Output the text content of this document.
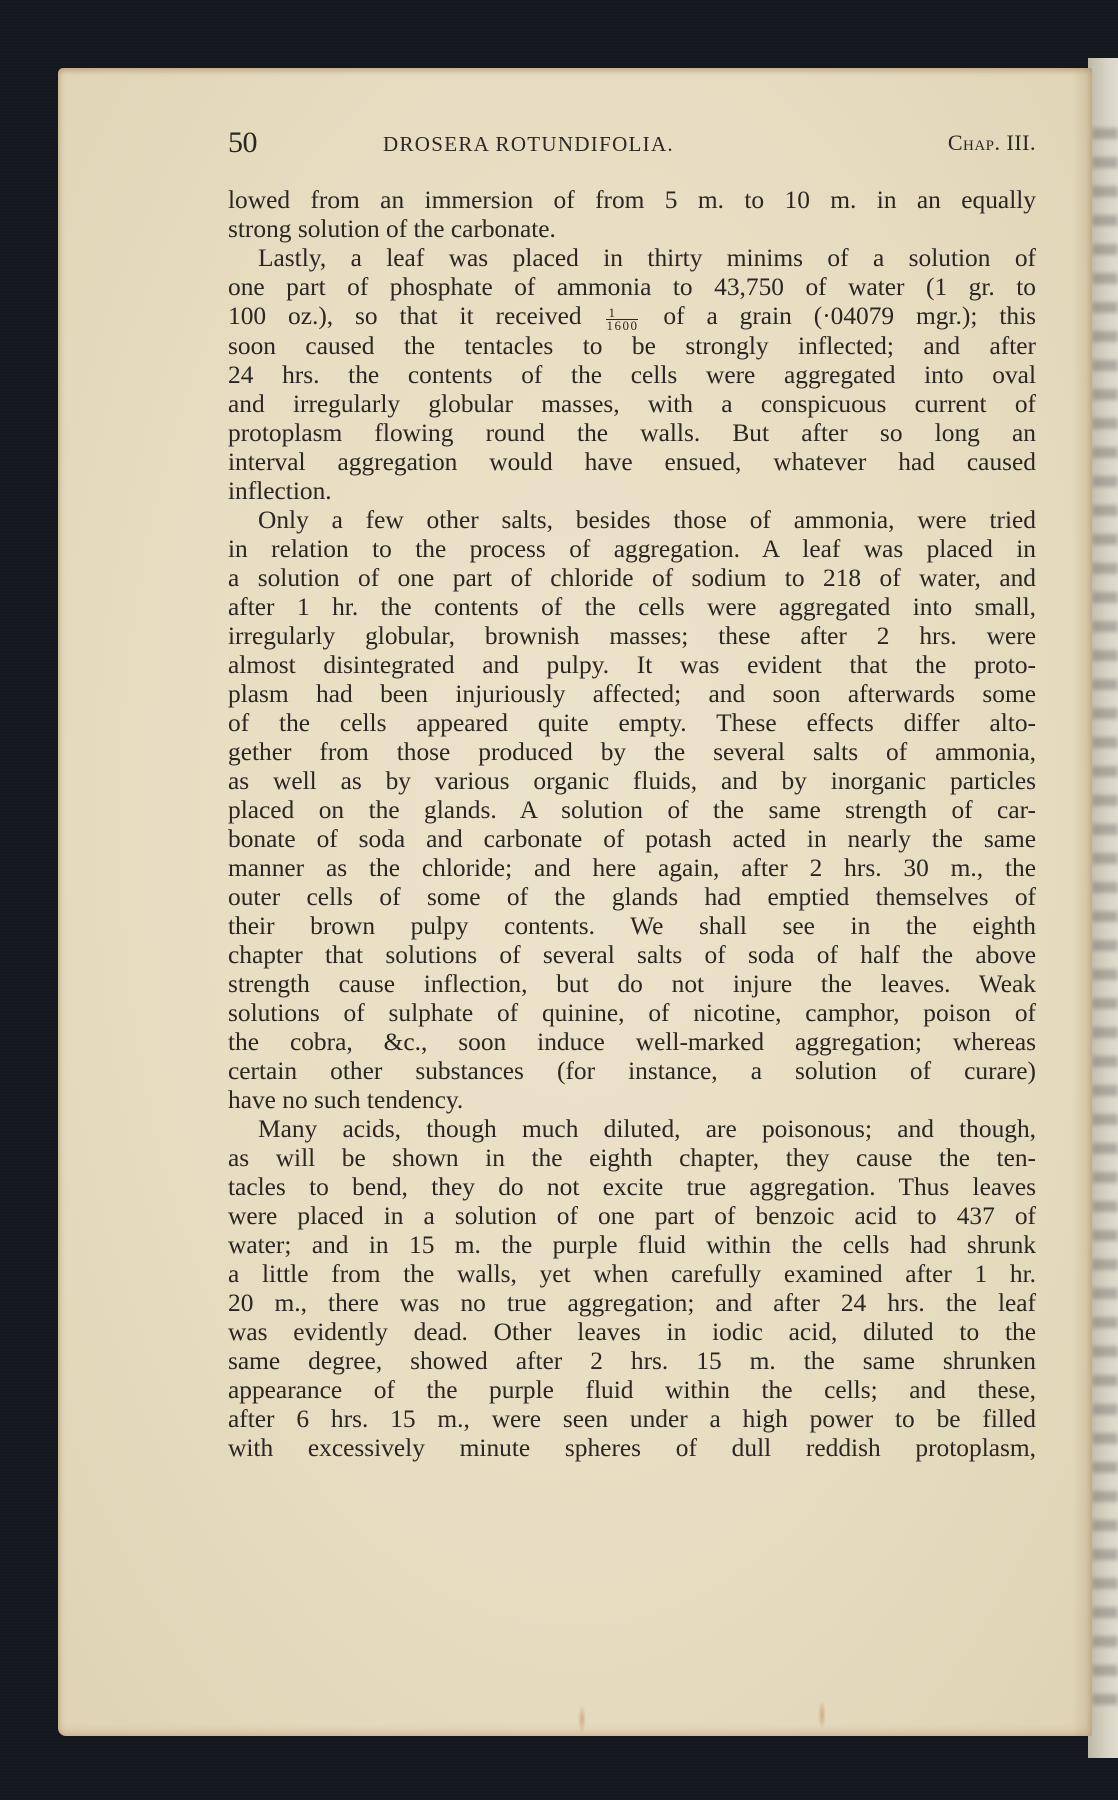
50	DROSERA ROTUNDIFOLIA.	Chap. III.
lowed from an immersion of from 5 m. to 10 m. in an equally
strong solution of the carbonate.
Lastly, a leaf was placed in thirty minims of a solution of
one part of phosphate of ammonia to 43,750 of water (1 gr. to
100 oz.), so that it received $\frac{1}{1600}$ of a grain (·04079 mgr.); this
soon caused the tentacles to be strongly inflected; and after
24 hrs. the contents of the cells were aggregated into oval
and irregularly globular masses, with a conspicuous current of
protoplasm flowing round the walls. But after so long an
interval aggregation would have ensued, whatever had caused
inflection.
Only a few other salts, besides those of ammonia, were tried
in relation to the process of aggregation. A leaf was placed in
a solution of one part of chloride of sodium to 218 of water, and
after 1 hr. the contents of the cells were aggregated into small,
irregularly globular, brownish masses; these after 2 hrs. were
almost disintegrated and pulpy. It was evident that the proto-
plasm had been injuriously affected; and soon afterwards some
of the cells appeared quite empty. These effects differ alto-
gether from those produced by the several salts of ammonia,
as well as by various organic fluids, and by inorganic particles
placed on the glands. A solution of the same strength of car-
bonate of soda and carbonate of potash acted in nearly the same
manner as the chloride; and here again, after 2 hrs. 30 m., the
outer cells of some of the glands had emptied themselves of
their brown pulpy contents. We shall see in the eighth
chapter that solutions of several salts of soda of half the above
strength cause inflection, but do not injure the leaves. Weak
solutions of sulphate of quinine, of nicotine, camphor, poison of
the cobra, &c., soon induce well-marked aggregation; whereas
certain other substances (for instance, a solution of curare)
have no such tendency.
Many acids, though much diluted, are poisonous; and though,
as will be shown in the eighth chapter, they cause the ten-
tacles to bend, they do not excite true aggregation. Thus leaves
were placed in a solution of one part of benzoic acid to 437 of
water; and in 15 m. the purple fluid within the cells had shrunk
a little from the walls, yet when carefully examined after 1 hr.
20 m., there was no true aggregation; and after 24 hrs. the leaf
was evidently dead. Other leaves in iodic acid, diluted to the
same degree, showed after 2 hrs. 15 m. the same shrunken
appearance of the purple fluid within the cells; and these,
after 6 hrs. 15 m., were seen under a high power to be filled
with excessively minute spheres of dull reddish protoplasm,
